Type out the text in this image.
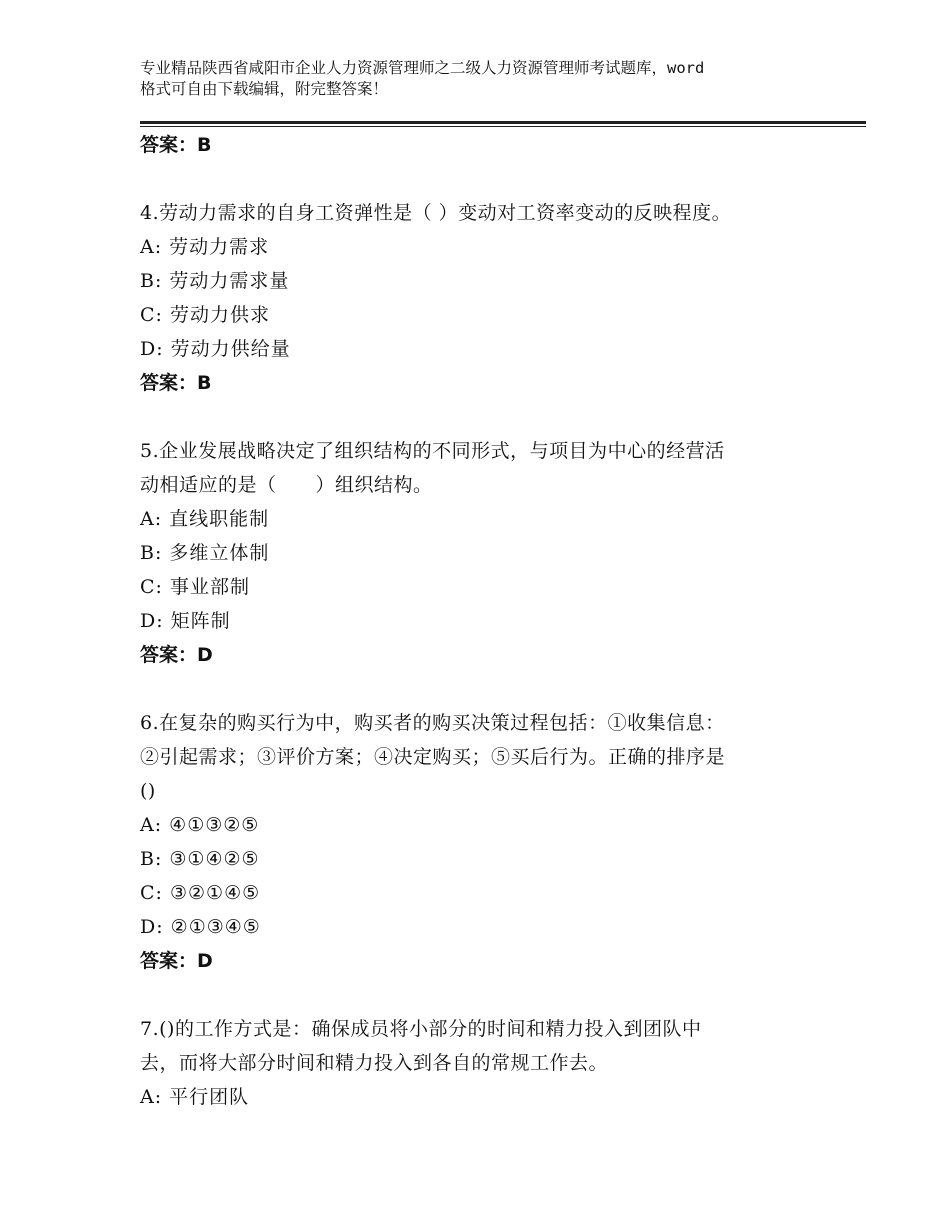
专业精品陕西省咸阳市企业人力资源管理师之二级人力资源管理师考试题库，word
格式可自由下载编辑，附完整答案！
答案：B
4.劳动力需求的自身工资弹性是（ ）变动对工资率变动的反映程度。
A: 劳动力需求
B: 劳动力需求量
C: 劳动力供求
D: 劳动力供给量
答案：B
5.企业发展战略决定了组织结构的不同形式，与项目为中心的经营活
动相适应的是（　　）组织结构。
A: 直线职能制
B: 多维立体制
C: 事业部制
D: 矩阵制
答案：D
6.在复杂的购买行为中，购买者的购买决策过程包括：①收集信息：
②引起需求；③评价方案；④决定购买；⑤买后行为。正确的排序是
()
A: ④①③②⑤
B: ③①④②⑤
C: ③②①④⑤
D: ②①③④⑤
答案：D
7.()的工作方式是：确保成员将小部分的时间和精力投入到团队中
去，而将大部分时间和精力投入到各自的常规工作去。
A: 平行团队
